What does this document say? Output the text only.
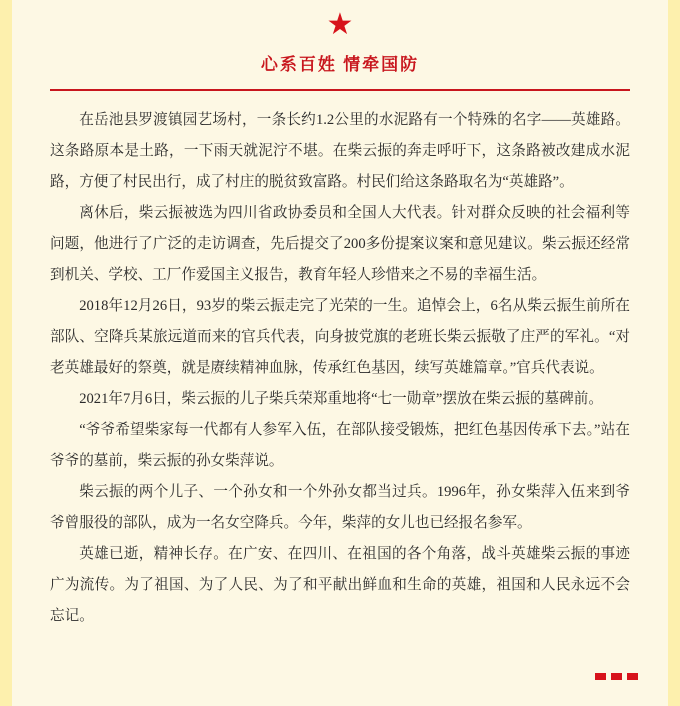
★
心系百姓 情牵国防

在岳池县罗渡镇园艺场村，一条长约1.2公里的水泥路有一个特殊的名字——英雄路。这条路原本是土路，一下雨天就泥泞不堪。在柴云振的奔走呼吁下，这条路被改建成水泥路，方便了村民出行，成了村庄的脱贫致富路。村民们给这条路取名为“英雄路”。

离休后，柴云振被选为四川省政协委员和全国人大代表。针对群众反映的社会福利等问题，他进行了广泛的走访调查，先后提交了200多份提案议案和意见建议。柴云振还经常到机关、学校、工厂作爱国主义报告，教育年轻人珍惜来之不易的幸福生活。

2018年12月26日，93岁的柴云振走完了光荣的一生。追悼会上，6名从柴云振生前所在部队、空降兵某旅远道而来的官兵代表，向身披党旗的老班长柴云振敬了庄严的军礼。“对老英雄最好的祭奠，就是赓续精神血脉，传承红色基因，续写英雄篇章。”官兵代表说。

2021年7月6日，柴云振的儿子柴兵荣郑重地将“七一勋章”摆放在柴云振的墓碑前。

“爷爷希望柴家每一代都有人参军入伍，在部队接受锻炼，把红色基因传承下去。”站在爷爷的墓前，柴云振的孙女柴萍说。

柴云振的两个儿子、一个孙女和一个外孙女都当过兵。1996年，孙女柴萍入伍来到爷爷曾服役的部队，成为一名女空降兵。今年，柴萍的女儿也已经报名参军。

英雄已逝，精神长存。在广安、在四川、在祖国的各个角落，战斗英雄柴云振的事迹广为流传。为了祖国、为了人民、为了和平献出鲜血和生命的英雄，祖国和人民永远不会忘记。
